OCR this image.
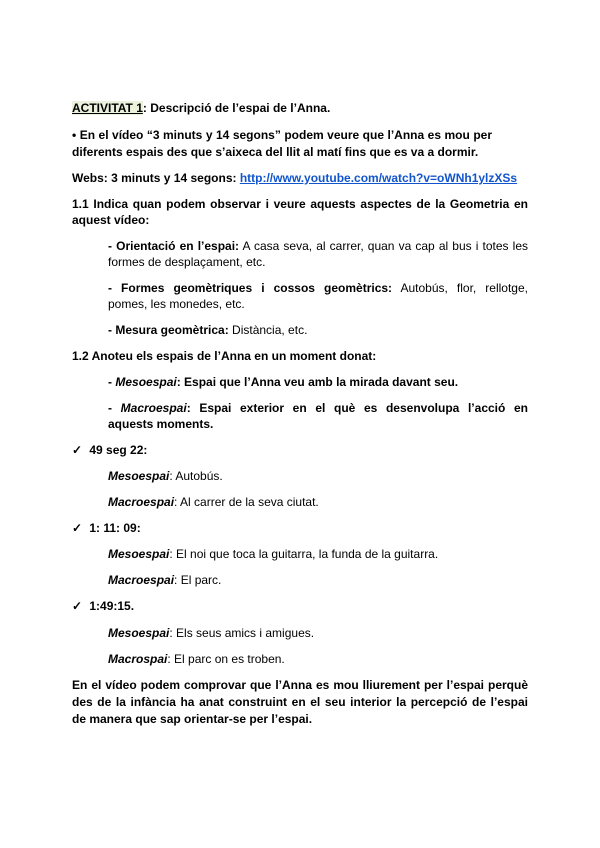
ACTIVITAT 1: Descripció de l’espai de l’Anna.
• En el vídeo “3 minuts y 14 segons” podem veure que l’Anna es mou per
diferents espais des que s’aixeca del llit al matí fins que es va a dormir.
Webs: 3 minuts y 14 segons: http://www.youtube.com/watch?v=oWNh1ylzXSs
1.1 Indica quan podem observar i veure aquests aspectes de la Geometria en
aquest vídeo:
- Orientació en l’espai: A casa seva, al carrer, quan va cap al bus i totes les
formes de desplaçament, etc.
- Formes geomètriques i cossos geomètrics: Autobús, flor, rellotge,
pomes, les monedes, etc.
- Mesura geomètrica: Distància, etc.
1.2 Anoteu els espais de l’Anna en un moment donat:
- Mesoespai: Espai que l’Anna veu amb la mirada davant seu.
- Macroespai: Espai exterior en el què es desenvolupa l’acció en
aquests moments.
✓ 49 seg 22:
Mesoespai: Autobús.
Macroespai: Al carrer de la seva ciutat.
✓ 1: 11: 09:
Mesoespai: El noi que toca la guitarra, la funda de la guitarra.
Macroespai: El parc.
✓ 1:49:15.
Mesoespai: Els seus amics i amigues.
Macrospai: El parc on es troben.
En el vídeo podem comprovar que l’Anna es mou lliurement per l’espai perquè
des de la infància ha anat construint en el seu interior la percepció de l’espai
de manera que sap orientar-se per l’espai.
